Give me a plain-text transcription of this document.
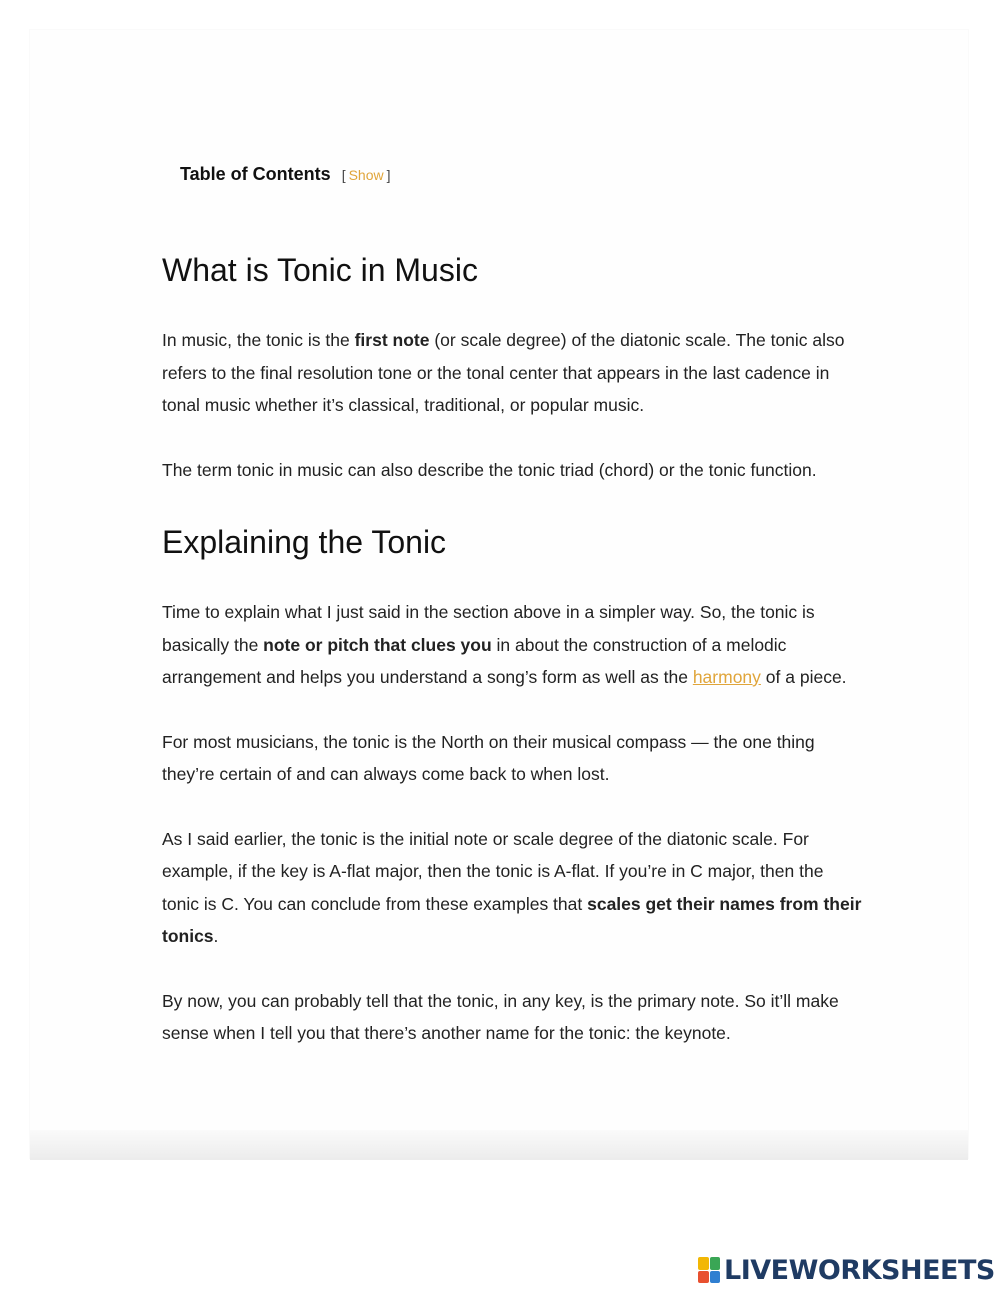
Table of Contents [ Show ]
What is Tonic in Music

In music, the tonic is the first note (or scale degree) of the diatonic scale. The tonic also refers to the final resolution tone or the tonal center that appears in the last cadence in tonal music whether it’s classical, traditional, or popular music.

The term tonic in music can also describe the tonic triad (chord) or the tonic function.

Explaining the Tonic

Time to explain what I just said in the section above in a simpler way. So, the tonic is basically the note or pitch that clues you in about the construction of a melodic arrangement and helps you understand a song’s form as well as the harmony of a piece.

For most musicians, the tonic is the North on their musical compass — the one thing they’re certain of and can always come back to when lost.

As I said earlier, the tonic is the initial note or scale degree of the diatonic scale. For example, if the key is A-flat major, then the tonic is A-flat. If you’re in C major, then the tonic is C. You can conclude from these examples that scales get their names from their tonics.

By now, you can probably tell that the tonic, in any key, is the primary note. So it’ll make sense when I tell you that there’s another name for the tonic: the keynote.

LIVEWORKSHEETS
